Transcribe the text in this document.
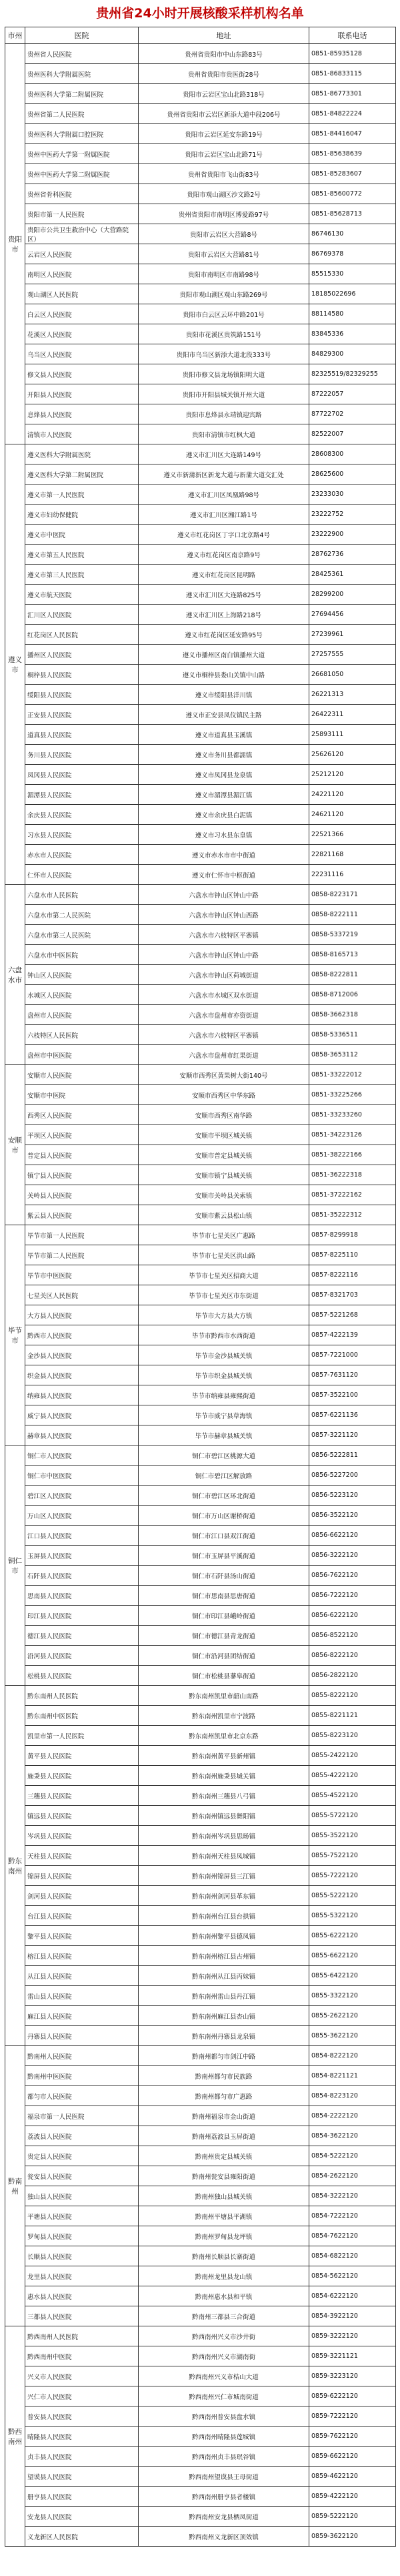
贵州省24小时开展核酸采样机构名单
市州	医院	地址	联系电话
贵阳市	贵州省人民医院	贵州省贵阳市中山东路83号	0851-85935128
	贵州医科大学附属医院	贵州省贵阳市贵医街28号	0851-86833115
	贵州医科大学第二附属医院	贵阳市云岩区宝山北路318号	0851-86773301
	贵州省第二人民医院	贵州省贵阳市云岩区新添大道中段206号	0851-84822224
	贵州医科大学附属口腔医院	贵阳市云岩区延安东路19号	0851-84416047
	贵州中医药大学第一附属医院	贵阳市云岩区宝山北路71号	0851-85638639
	贵州中医药大学第二附属医院	贵州省贵阳市飞山街83号	0851-85283607
	贵州省骨科医院	贵阳市观山湖区沙文路2号	0851-85600772
	贵阳市第一人民医院	贵州省贵阳市南明区博爱路97号	0851-85628713
	贵阳市公共卫生救治中心（大营路院区）	贵阳市云岩区大营路8号	86746130
	云岩区人民医院	贵阳市云岩区大营路81号	86769378
	南明区人民医院	贵阳市南明区市南路98号	85515330
	观山湖区人民医院	贵阳市观山湖区观山东路269号	18185022696
	白云区人民医院	贵阳市白云区云环中路201号	88114580
	花溪区人民医院	贵阳市花溪区贵筑路151号	83845336
	乌当区人民医院	贵阳市乌当区新添大道北段333号	84829300
	修文县人民医院	贵阳市修文县龙场镇阳明大道	82325519/82329255
	开阳县人民医院	贵阳市开阳县城关镇开州大道	87222057
	息烽县人民医院	贵阳市息烽县永靖镇迎宾路	87722702
	清镇市人民医院	贵阳市清镇市红枫大道	82522007
遵义市	遵义医科大学附属医院	遵义市汇川区大连路149号	28608300
	遵义医科大学第二附属医院	遵义市新蒲新区新龙大道与新蒲大道交汇处	28625600
	遵义市第一人民医院	遵义市汇川区凤凰路98号	23233030
	遵义市妇幼保健院	遵义市汇川区湘江路1号	23222752
	遵义市中医院	遵义市红花岗区丁字口北京路4号	23222900
	遵义市第五人民医院	遵义市红花岗区南京路9号	28762736
	遵义市第三人民医院	遵义市红花岗区昆明路	28425361
	遵义市航天医院	遵义市汇川区大连路825号	28299200
	汇川区人民医院	遵义市汇川区上海路218号	27694456
	红花岗区人民医院	遵义市红花岗区延安路95号	27239961
	播州区人民医院	遵义市播州区南白镇播州大道	27257555
	桐梓县人民医院	遵义市桐梓县娄山关镇中山路	26681050
	绥阳县人民医院	遵义市绥阳县洋川镇	26221313
	正安县人民医院	遵义市正安县凤仪镇民主路	26422311
	道真县人民医院	遵义市道真县玉溪镇	25893111
	务川县人民医院	遵义市务川县都濡镇	25626120
	凤冈县人民医院	遵义市凤冈县龙泉镇	25212120
	湄潭县人民医院	遵义市湄潭县湄江镇	24221120
	余庆县人民医院	遵义市余庆县白泥镇	24621120
	习水县人民医院	遵义市习水县东皇镇	22521366
	赤水市人民医院	遵义市赤水市市中街道	22821168
	仁怀市人民医院	遵义市仁怀市中枢街道	22231116
六盘水市	六盘水市人民医院	六盘水市钟山区钟山中路	0858-8223171
	六盘水市第二人民医院	六盘水市钟山区钟山西路	0858-8222111
	六盘水市第三人民医院	六盘水市六枝特区平寨镇	0858-5337219
	六盘水市中医医院	六盘水市钟山区钟山中路	0858-8165713
	钟山区人民医院	六盘水市钟山区荷城街道	0858-8222811
	水城区人民医院	六盘水市水城区双水街道	0858-8712006
	盘州市人民医院	六盘水市盘州市亦资街道	0858-3662318
	六枝特区人民医院	六盘水市六枝特区平寨镇	0858-5336511
	盘州市中医医院	六盘水市盘州市红果街道	0858-3653112
安顺市	安顺市人民医院	安顺市西秀区黄果树大街140号	0851-33222012
	安顺市中医院	安顺市西秀区中华东路	0851-33225266
	西秀区人民医院	安顺市西秀区南华路	0851-33233260
	平坝区人民医院	安顺市平坝区城关镇	0851-34223126
	普定县人民医院	安顺市普定县城关镇	0851-38222166
	镇宁县人民医院	安顺市镇宁县城关镇	0851-36222318
	关岭县人民医院	安顺市关岭县关索镇	0851-37222162
	紫云县人民医院	安顺市紫云县松山镇	0851-35222312
毕节市	毕节市第一人民医院	毕节市七星关区广惠路	0857-8299918
	毕节市第二人民医院	毕节市七星关区洪山路	0857-8225110
	毕节市中医医院	毕节市七星关区招商大道	0857-8222116
	七星关区人民医院	毕节市七星关区市东街道	0857-8321703
	大方县人民医院	毕节市大方县大方镇	0857-5221268
	黔西市人民医院	毕节市黔西市水西街道	0857-4222139
	金沙县人民医院	毕节市金沙县城关镇	0857-7221000
	织金县人民医院	毕节市织金县城关镇	0857-7631120
	纳雍县人民医院	毕节市纳雍县雍熙街道	0857-3522100
	威宁县人民医院	毕节市威宁县草海镇	0857-6221136
	赫章县人民医院	毕节市赫章县城关镇	0857-3221120
铜仁市	铜仁市人民医院	铜仁市碧江区桃源大道	0856-5222811
	铜仁市中医医院	铜仁市碧江区解放路	0856-5227200
	碧江区人民医院	铜仁市碧江区环北街道	0856-5223120
	万山区人民医院	铜仁市万山区谢桥街道	0856-3522120
	江口县人民医院	铜仁市江口县双江街道	0856-6622120
	玉屏县人民医院	铜仁市玉屏县平溪街道	0856-3222120
	石阡县人民医院	铜仁市石阡县汤山街道	0856-7622120
	思南县人民医院	铜仁市思南县思唐街道	0856-7222120
	印江县人民医院	铜仁市印江县峨岭街道	0856-6222120
	德江县人民医院	铜仁市德江县青龙街道	0856-8522120
	沿河县人民医院	铜仁市沿河县团结街道	0856-8222120
	松桃县人民医院	铜仁市松桃县蓼皋街道	0856-2822120
黔东南州	黔东南州人民医院	黔东南州凯里市韶山南路	0855-8222120
	黔东南州中医医院	黔东南州凯里市宁波路	0855-8221121
	凯里市第一人民医院	黔东南州凯里市北京东路	0855-8223120
	黄平县人民医院	黔东南州黄平县新州镇	0855-2422120
	施秉县人民医院	黔东南州施秉县城关镇	0855-4222120
	三穗县人民医院	黔东南州三穗县八弓镇	0855-4522120
	镇远县人民医院	黔东南州镇远县舞阳镇	0855-5722120
	岑巩县人民医院	黔东南州岑巩县思旸镇	0855-3522120
	天柱县人民医院	黔东南州天柱县凤城镇	0855-7522120
	锦屏县人民医院	黔东南州锦屏县三江镇	0855-7222120
	剑河县人民医院	黔东南州剑河县革东镇	0855-5222120
	台江县人民医院	黔东南州台江县台拱镇	0855-5322120
	黎平县人民医院	黔东南州黎平县德凤镇	0855-6222120
	榕江县人民医院	黔东南州榕江县古州镇	0855-6622120
	从江县人民医院	黔东南州从江县丙妹镇	0855-6422120
	雷山县人民医院	黔东南州雷山县丹江镇	0855-3322120
	麻江县人民医院	黔东南州麻江县杏山镇	0855-2622120
	丹寨县人民医院	黔东南州丹寨县龙泉镇	0855-3622120
黔南州	黔南州人民医院	黔南州都匀市剑江中路	0854-8222120
	黔南州中医医院	黔南州都匀市民族路	0854-8221121
	都匀市人民医院	黔南州都匀市广惠路	0854-8223120
	福泉市第一人民医院	黔南州福泉市金山街道	0854-2222120
	荔波县人民医院	黔南州荔波县玉屏街道	0854-3622120
	贵定县人民医院	黔南州贵定县城关镇	0854-5222120
	瓮安县人民医院	黔南州瓮安县雍阳街道	0854-2622120
	独山县人民医院	黔南州独山县城关镇	0854-3222120
	平塘县人民医院	黔南州平塘县平湖镇	0854-7222120
	罗甸县人民医院	黔南州罗甸县龙坪镇	0854-7622120
	长顺县人民医院	黔南州长顺县长寨街道	0854-6822120
	龙里县人民医院	黔南州龙里县龙山镇	0854-5622120
	惠水县人民医院	黔南州惠水县和平镇	0854-6222120
	三都县人民医院	黔南州三都县三合街道	0854-3922120
黔西南州	黔西南州人民医院	黔西南州兴义市沙井街	0859-3222120
	黔西南州中医院	黔西南州兴义市湖南街	0859-3221121
	兴义市人民医院	黔西南州兴义市桔山大道	0859-3223120
	兴仁市人民医院	黔西南州兴仁市城南街道	0859-6222120
	普安县人民医院	黔西南州普安县盘水镇	0859-7222120
	晴隆县人民医院	黔西南州晴隆县莲城镇	0859-7622120
	贞丰县人民医院	黔西南州贞丰县珉谷镇	0859-6622120
	望谟县人民医院	黔西南州望谟县王母街道	0859-4622120
	册亨县人民医院	黔西南州册亨县者楼镇	0859-4222120
	安龙县人民医院	黔西南州安龙县栖凤街道	0859-5222120
	义龙新区人民医院	黔西南州义龙新区顶效镇	0859-3622120
